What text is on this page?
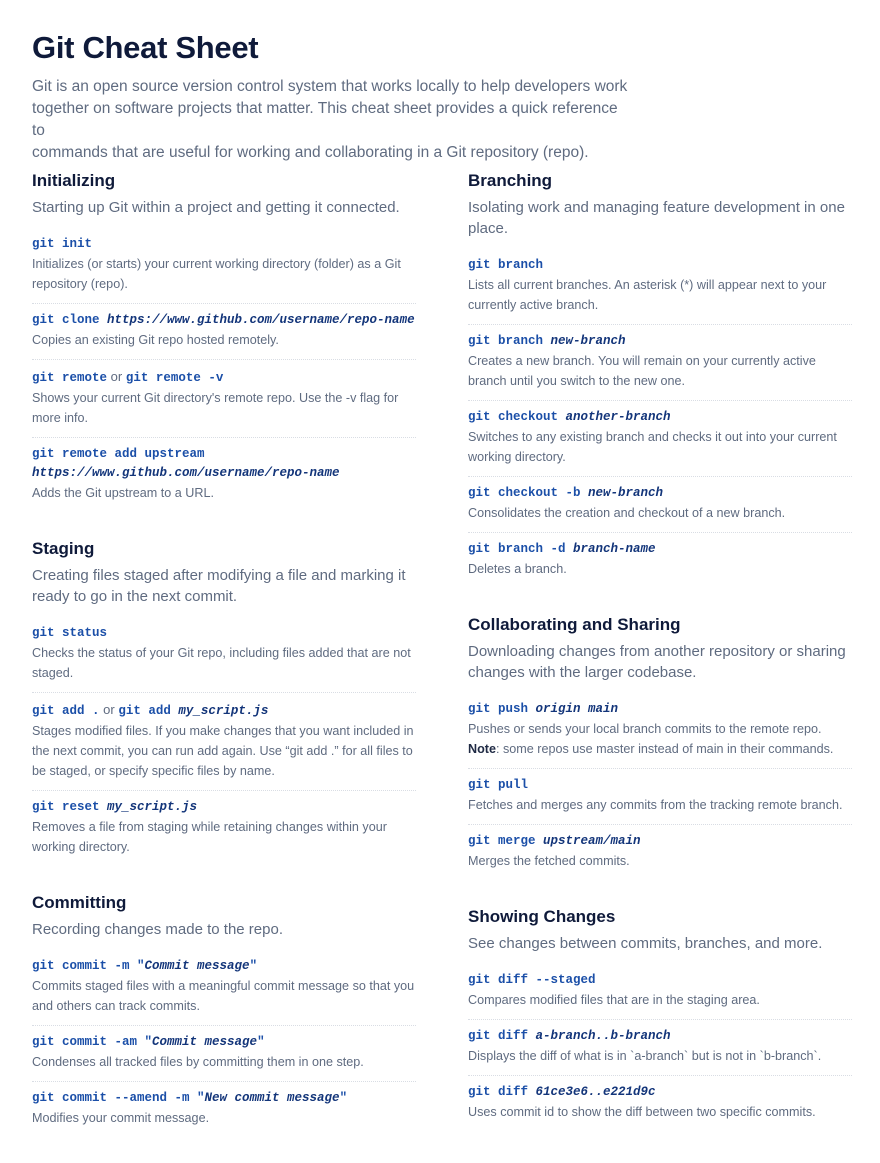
Git Cheat Sheet

Git is an open source version control system that works locally to help developers work
together on software projects that matter. This cheat sheet provides a quick reference to
commands that are useful for working and collaborating in a Git repository (repo).

Initializing

Starting up Git within a project and getting it connected.

git init
Initializes (or starts) your current working directory (folder) as a Git repository (repo).
git clone https://www.github.com/username/repo-name
Copies an existing Git repo hosted remotely.
git remote or git remote -v
Shows your current Git directory's remote repo. Use the -v flag for more info.
git remote add upstream
https://www.github.com/username/repo-name
Adds the Git upstream to a URL.
Staging

Creating files staged after modifying a file and marking it ready to go in the next commit.

git status
Checks the status of your Git repo, including files added that are not staged.
git add . or git add my_script.js
Stages modified files. If you make changes that you want included in the next commit, you can run add again. Use “git add .” for all files to be staged, or specify specific files by name.
git reset my_script.js
Removes a file from staging while retaining changes within your working directory.
Committing

Recording changes made to the repo.

git commit -m "Commit message"
Commits staged files with a meaningful commit message so that you and others can track commits.
git commit -am "Commit message"
Condenses all tracked files by committing them in one step.
git commit --amend -m "New commit message"
Modifies your commit message.
Branching

Isolating work and managing feature development in one place.

git branch
Lists all current branches. An asterisk (*) will appear next to your currently active branch.
git branch new-branch
Creates a new branch. You will remain on your currently active branch until you switch to the new one.
git checkout another-branch
Switches to any existing branch and checks it out into your current working directory.
git checkout -b new-branch
Consolidates the creation and checkout of a new branch.
git branch -d branch-name
Deletes a branch.
Collaborating and Sharing

Downloading changes from another repository or sharing changes with the larger codebase.

git push origin main
Pushes or sends your local branch commits to the remote repo.
Note: some repos use master instead of main in their commands.
git pull
Fetches and merges any commits from the tracking remote branch.
git merge upstream/main
Merges the fetched commits.
Showing Changes

See changes between commits, branches, and more.

git diff --staged
Compares modified files that are in the staging area.
git diff a-branch..b-branch
Displays the diff of what is in `a-branch` but is not in `b-branch`.
git diff 61ce3e6..e221d9c
Uses commit id to show the diff between two specific commits.
